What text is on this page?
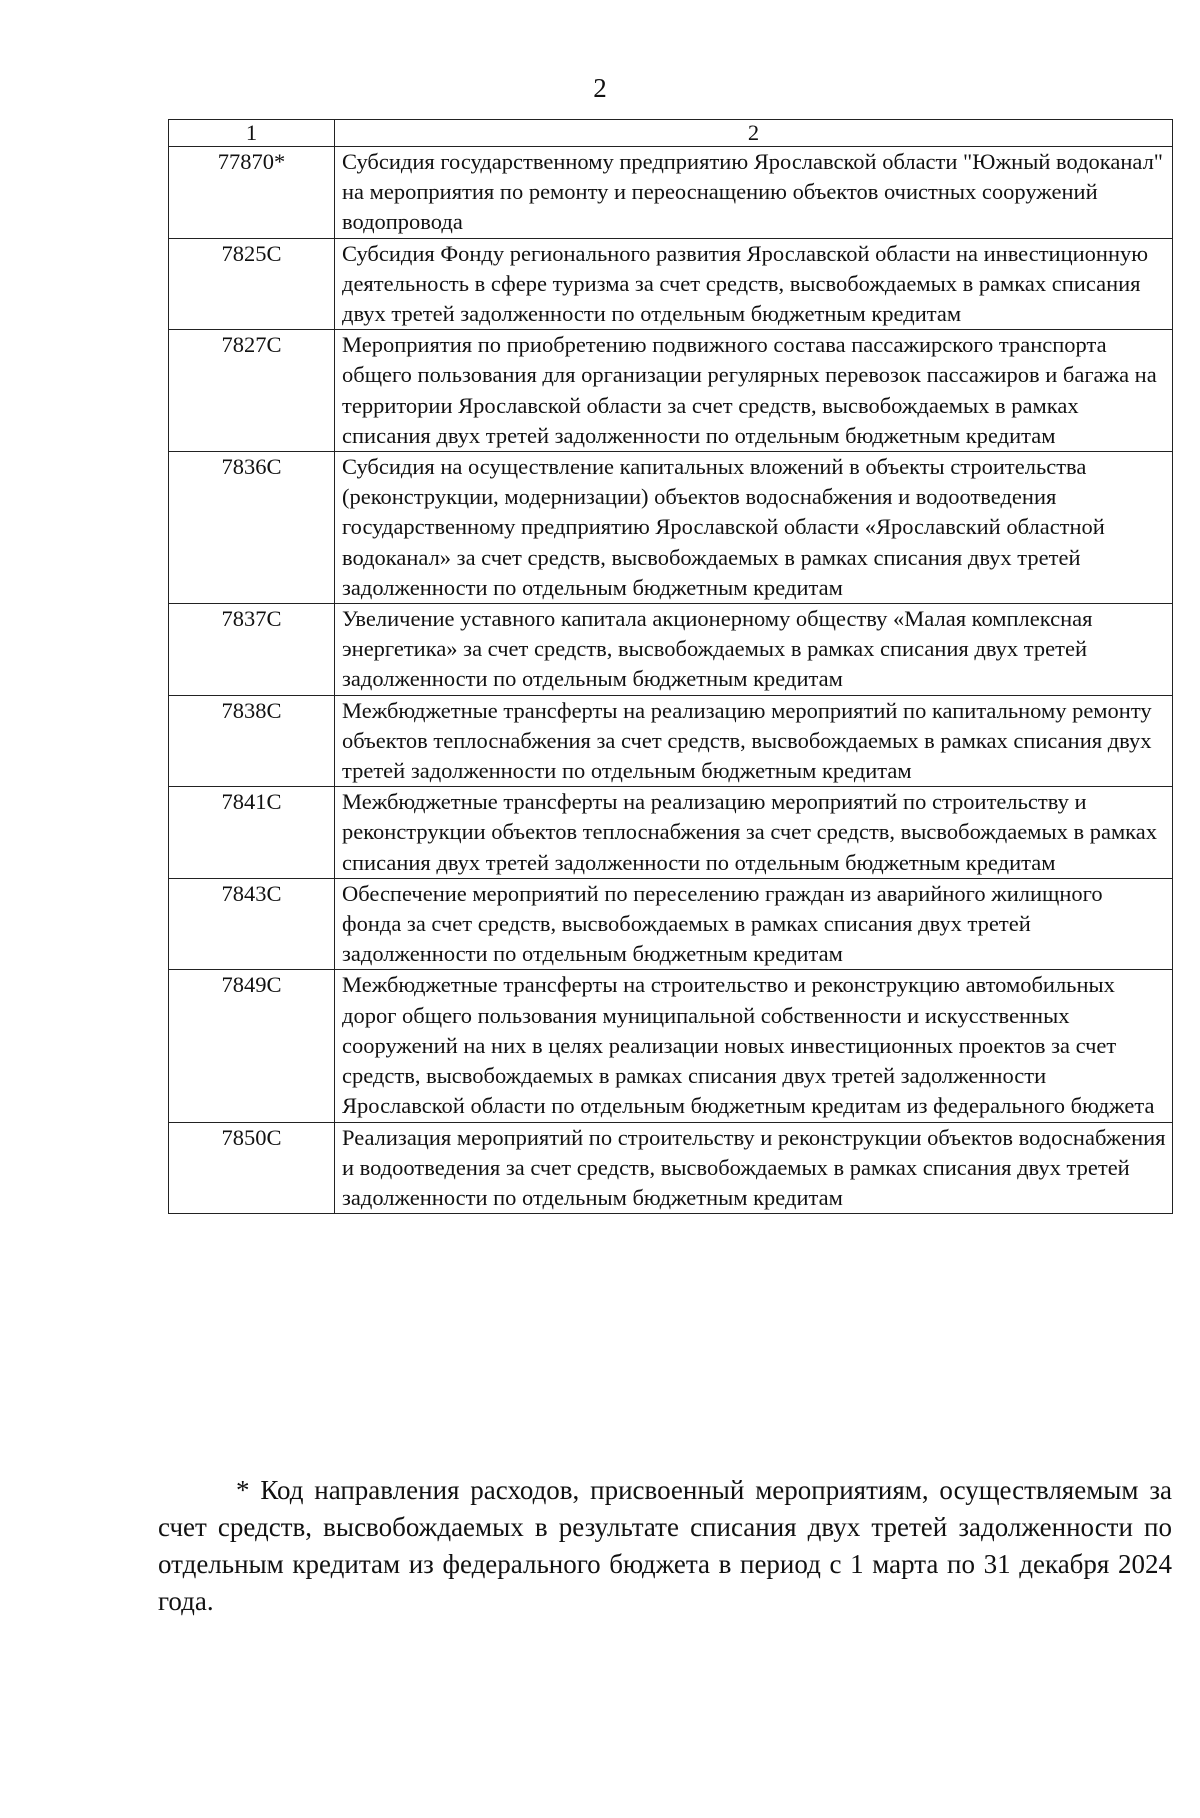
2
1	2
77870*	Субсидия государственному предприятию Ярославской области "Южный водоканал" на мероприятия по ремонту и переоснащению объектов очистных сооружений водопровода
7825С	Субсидия Фонду регионального развития Ярославской области на инвестиционную деятельность в сфере туризма за счет средств, высвобождаемых в рамках списания двух третей задолженности по отдельным бюджетным кредитам
7827С	Мероприятия по приобретению подвижного состава пассажирского транспорта общего пользования для организации регулярных перевозок пассажиров и багажа на территории Ярославской области за счет средств, высвобождаемых в рамках списания двух третей задолженности по отдельным бюджетным кредитам
7836С	Субсидия на осуществление капитальных вложений в объекты строительства (реконструкции, модернизации) объектов водоснабжения и водоотведения государственному предприятию Ярославской области «Ярославский областной водоканал» за счет средств, высвобождаемых в рамках списания двух третей задолженности по отдельным бюджетным кредитам
7837С	Увеличение уставного капитала акционерному обществу «Малая комплексная энергетика» за счет средств, высвобождаемых в рамках списания двух третей задолженности по отдельным бюджетным кредитам
7838С	Межбюджетные трансферты на реализацию мероприятий по капитальному ремонту объектов теплоснабжения за счет средств, высвобождаемых в рамках списания двух третей задолженности по отдельным бюджетным кредитам
7841С	Межбюджетные трансферты на реализацию мероприятий по строительству и реконструкции объектов теплоснабжения за счет средств, высвобождаемых в рамках списания двух третей задолженности по отдельным бюджетным кредитам
7843С	Обеспечение мероприятий по переселению граждан из аварийного жилищного фонда за счет средств, высвобождаемых в рамках списания двух третей задолженности по отдельным бюджетным кредитам
7849С	Межбюджетные трансферты на строительство и реконструкцию автомобильных дорог общего пользования муниципальной собственности и искусственных сооружений на них в целях реализации новых инвестиционных проектов за счет средств, высвобождаемых в рамках списания двух третей задолженности Ярославской области по отдельным бюджетным кредитам из федерального бюджета
7850С	Реализация мероприятий по строительству и реконструкции объектов водоснабжения и водоотведения за счет средств, высвобождаемых в рамках списания двух третей задолженности по отдельным бюджетным кредитам
* Код направления расходов, присвоенный мероприятиям, осуществляемым за счет средств, высвобождаемых в результате списания двух третей задолженности по отдельным кредитам из федерального бюджета в период с 1 марта по 31 декабря 2024 года.
